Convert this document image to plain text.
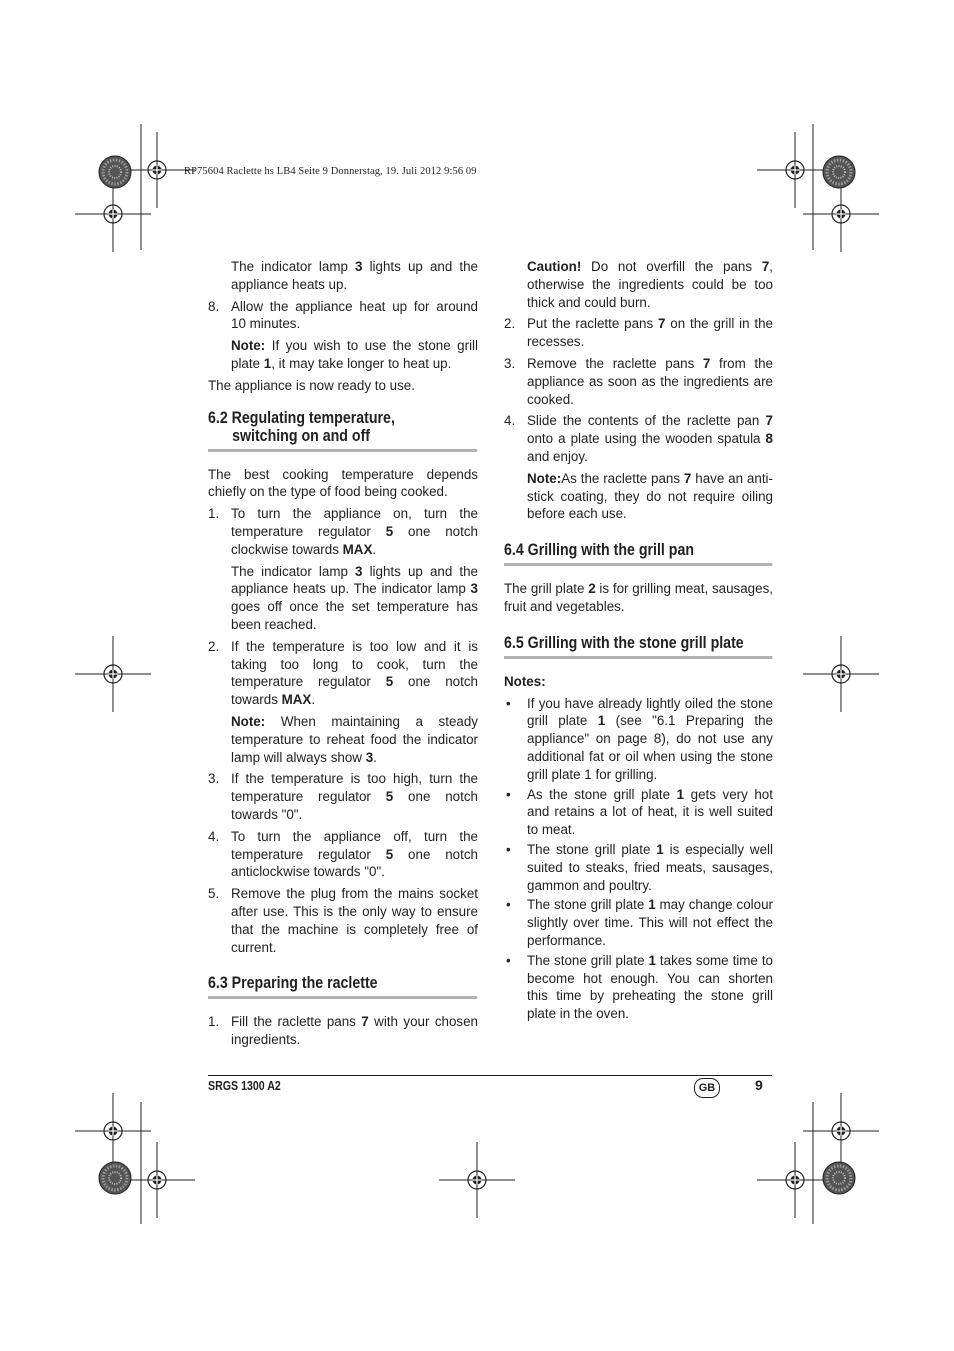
RP75604 Raclette hs LB4 Seite 9 Donnerstag, 19. Juli 2012 9:56 09

The indicator lamp 3 lights up and the appliance heats up.

8. Allow the appliance heat up for around 10 minutes.

Note: If you wish to use the stone grill plate 1, it may take longer to heat up.

The appliance is now ready to use.

6.2 Regulating temperature,
switching on and off

The best cooking temperature depends chiefly on the type of food being cooked.

1. To turn the appliance on, turn the temperature regulator 5 one notch clockwise towards MAX.

The indicator lamp 3 lights up and the appliance heats up. The indicator lamp 3 goes off once the set temperature has been reached.

2. If the temperature is too low and it is taking too long to cook, turn the temperature regulator 5 one notch towards MAX.

Note: When maintaining a steady temperature to reheat food the indicator lamp will always show 3.

3. If the temperature is too high, turn the temperature regulator 5 one notch towards "0".
4. To turn the appliance off, turn the temperature regulator 5 one notch anticlockwise towards "0".
5. Remove the plug from the mains socket after use. This is the only way to ensure that the machine is completely free of current.
6.3 Preparing the raclette
1. Fill the raclette pans 7 with your chosen ingredients.

Caution! Do not overfill the pans 7, otherwise the ingredients could be too thick and could burn.

2. Put the raclette pans 7 on the grill in the recesses.
3. Remove the raclette pans 7 from the appliance as soon as the ingredients are cooked.
4. Slide the contents of the raclette pan 7 onto a plate using the wooden spatula 8 and enjoy.

Note:As the raclette pans 7 have an anti-stick coating, they do not require oiling before each use.

6.4 Grilling with the grill pan

The grill plate 2 is for grilling meat, sausages, fruit and vegetables.

6.5 Grilling with the stone grill plate

Notes:

• If you have already lightly oiled the stone grill plate 1 (see "6.1 Preparing the appliance" on page 8), do not use any additional fat or oil when using the stone grill plate 1 for grilling.
• As the stone grill plate 1 gets very hot and retains a lot of heat, it is well suited to meat.
• The stone grill plate 1 is especially well suited to steaks, fried meats, sausages, gammon and poultry.
• The stone grill plate 1 may change colour slightly over time. This will not effect the performance.
• The stone grill plate 1 takes some time to become hot enough. You can shorten this time by preheating the stone grill plate in the oven.
SRGS 1300 A2	GB	9
